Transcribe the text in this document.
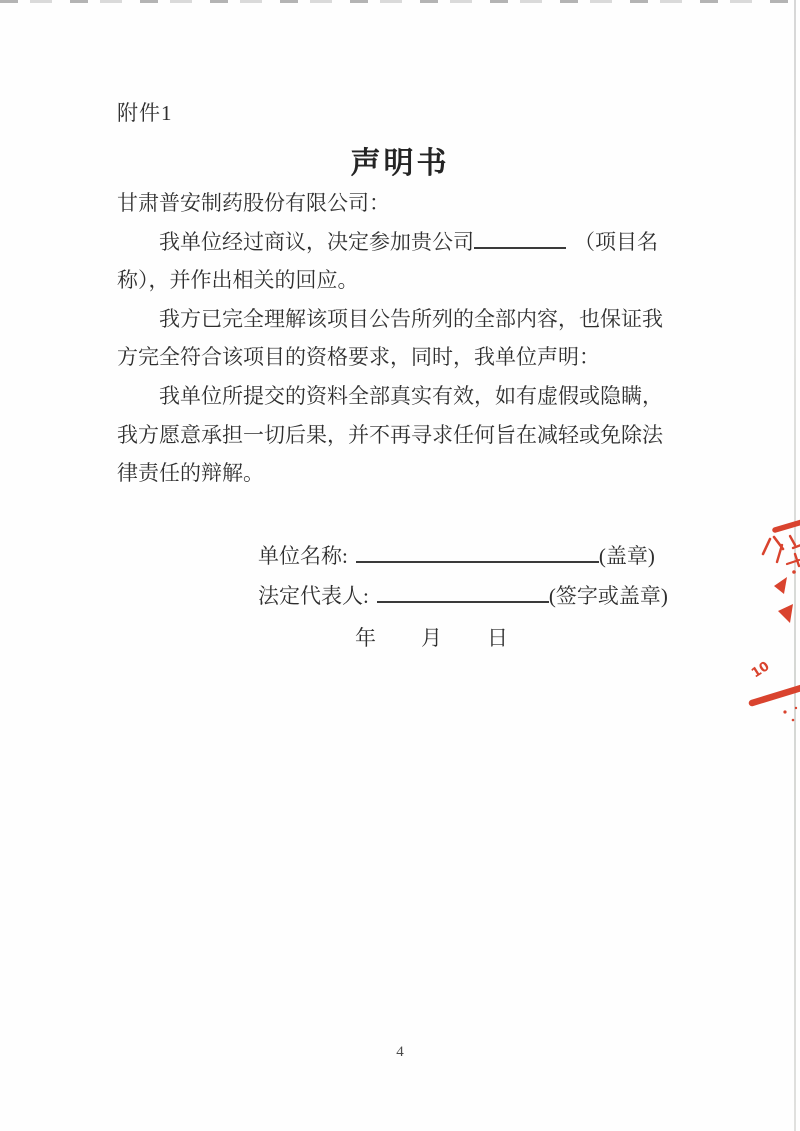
附件1
声明书

甘肃普安制药股份有限公司：

我单位经过商议，决定参加贵公司	（项目名称），并作出相关的回应。

我方已完全理解该项目公告所列的全部内容，也保证我方完全符合该项目的资格要求，同时，我单位声明：

我单位所提交的资料全部真实有效，如有虚假或隐瞒，我方愿意承担一切后果，并不再寻求任何旨在减轻或免除法律责任的辩解。

单位名称:	(盖章)
法定代表人:	(签字或盖章)
年 月 日
4
10
